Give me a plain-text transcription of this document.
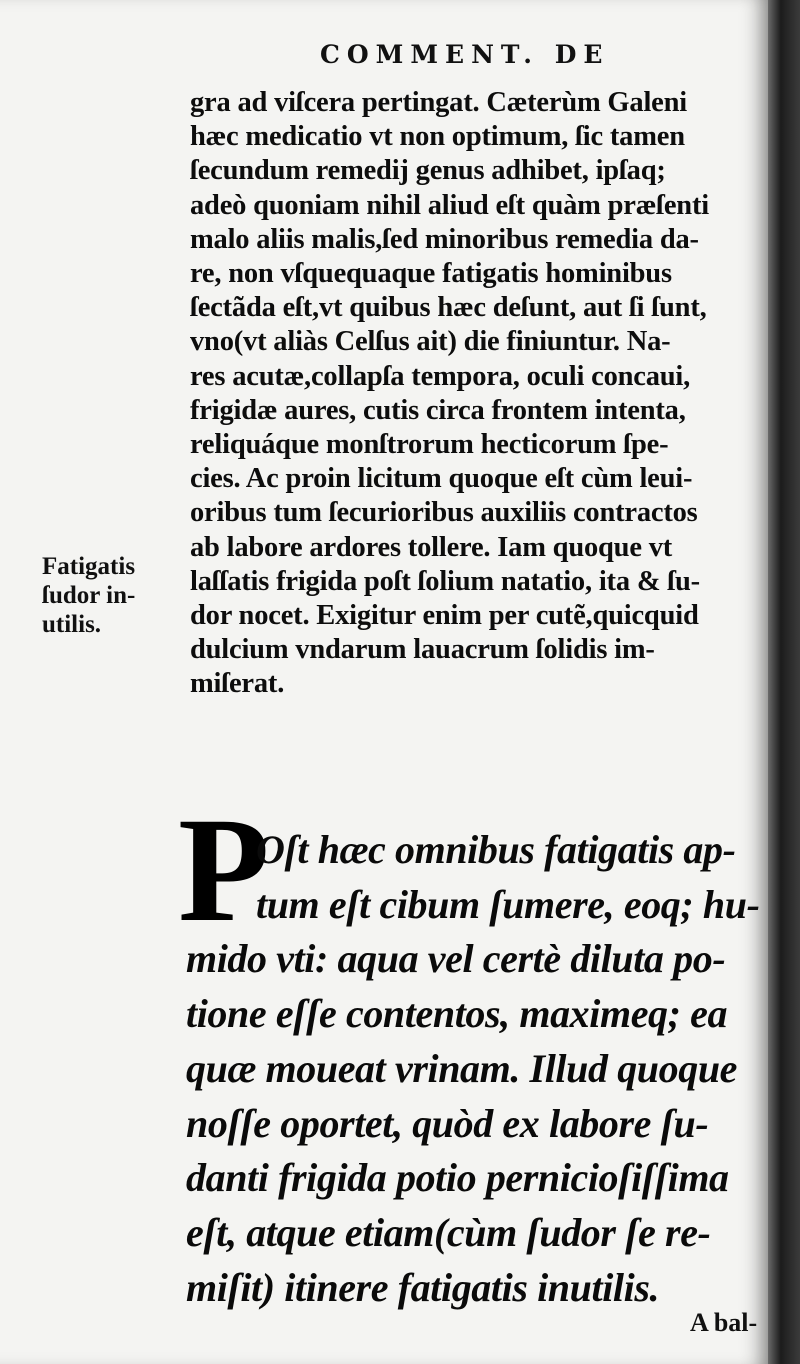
COMMENT. DE

gra ad viſcera pertingat. Cæterùm Galeni
hæc medicatio vt non optimum, ſic tamen
ſecundum remedij genus adhibet, ipſaq;
adeò quoniam nihil aliud eſt quàm præſenti
malo aliis malis,ſed minoribus remedia da-
re, non vſquequaque fatigatis hominibus
ſectãda eſt,vt quibus hæc deſunt, aut ſi ſunt,
vno(vt aliàs Celſus ait) die finiuntur. Na-
res acutæ,collapſa tempora, oculi concaui,
frigidæ aures, cutis circa frontem intenta,
reliquáque monſtrorum hecticorum ſpe-
cies. Ac proin licitum quoque eſt cùm leui-
oribus tum ſecurioribus auxiliis contractos
ab labore ardores tollere. Iam quoque vt
laſſatis frigida poſt ſolium natatio, ita & ſu-
dor nocet. Exigitur enim per cutẽ,quicquid
dulcium vndarum lauacrum ſolidis im-
miſerat.
Fatigatis
ſudor in-
utilis.
P
Oſt hæc omnibus fatigatis ap-
tum eſt cibum ſumere, eoq; hu-
mido vti: aqua vel certè diluta po-
tione eſſe contentos, maximeq; ea
quæ moueat vrinam. Illud quoque
noſſe oportet, quòd ex labore ſu-
danti frigida potio pernicioſiſſima
eſt, atque etiam(cùm ſudor ſe re-
miſit) itinere fatigatis inutilis.
A bal-
